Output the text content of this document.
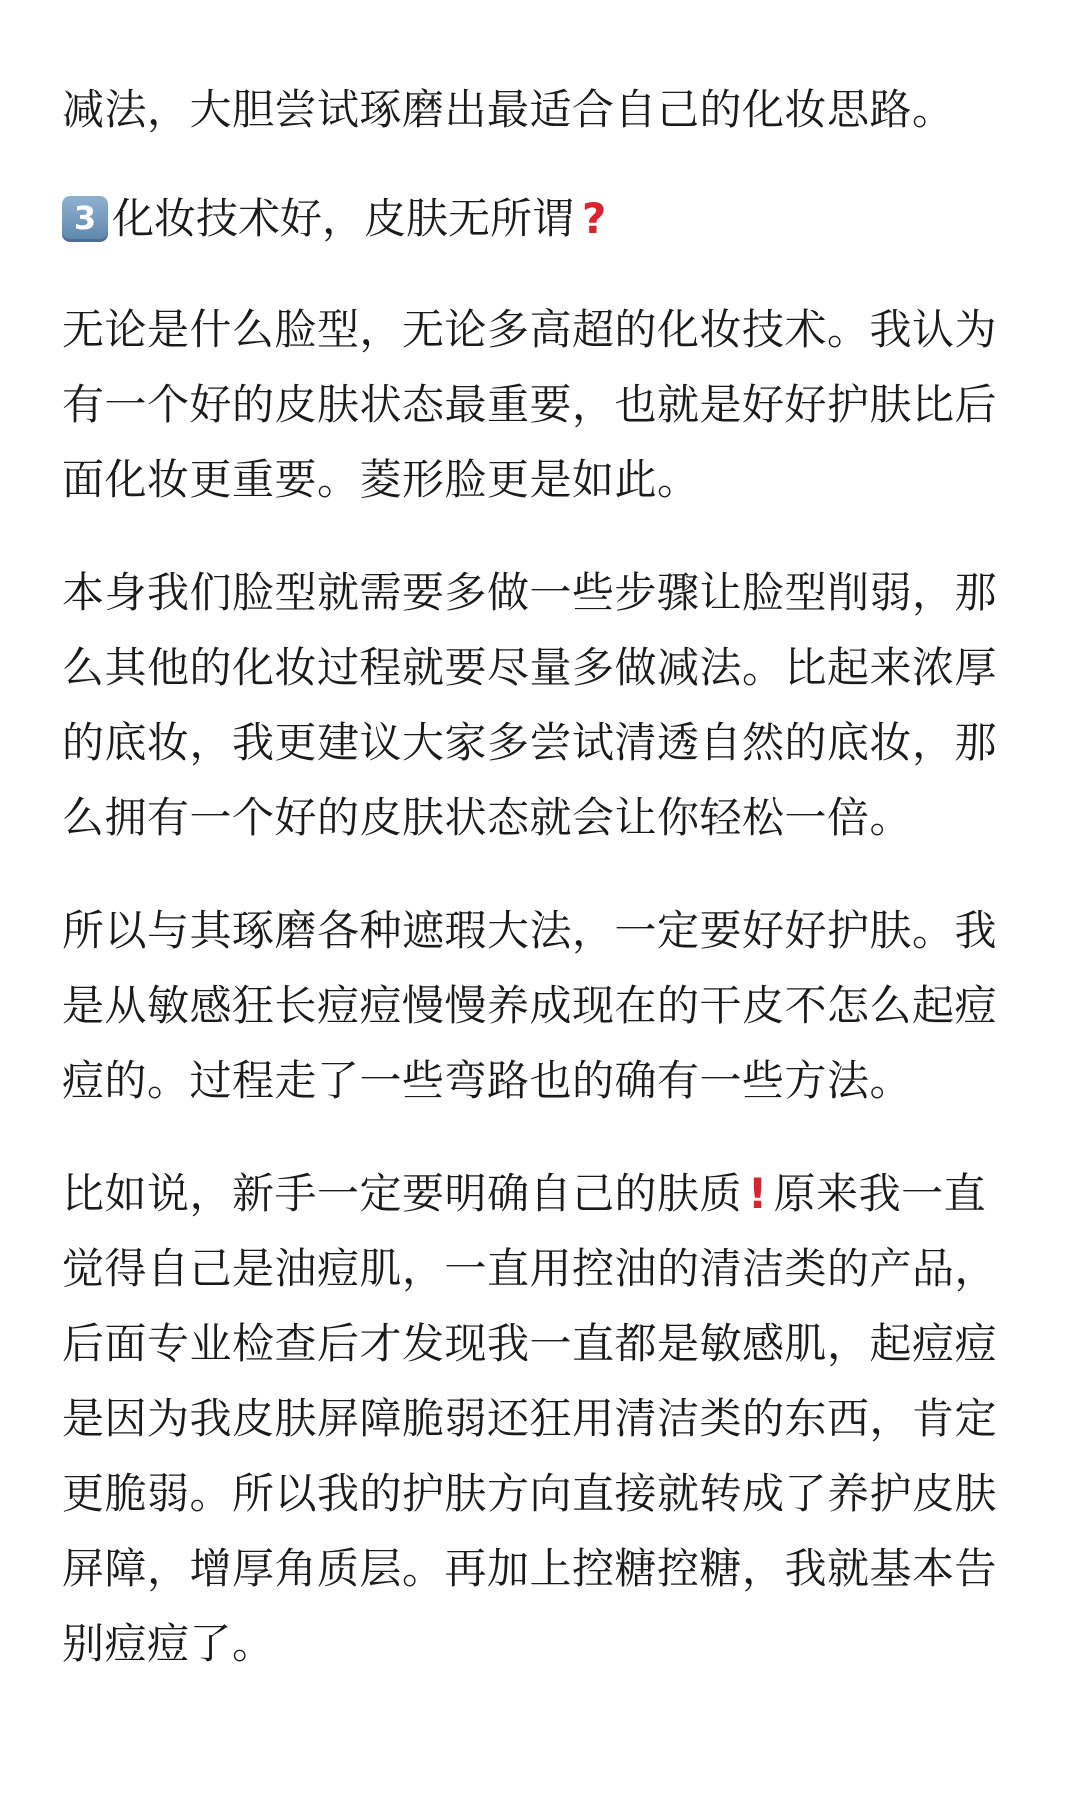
减法，大胆尝试琢磨出最适合自己的化妆思路。

3 化妆技术好，皮肤无所谓 ?

无论是什么脸型，无论多高超的化妆技术。我认为有一个好的皮肤状态最重要，也就是好好护肤比后面化妆更重要。菱形脸更是如此。

本身我们脸型就需要多做一些步骤让脸型削弱，那么其他的化妆过程就要尽量多做减法。比起来浓厚的底妆，我更建议大家多尝试清透自然的底妆，那么拥有一个好的皮肤状态就会让你轻松一倍。

所以与其琢磨各种遮瑕大法，一定要好好护肤。我是从敏感狂长痘痘慢慢养成现在的干皮不怎么起痘痘的。过程走了一些弯路也的确有一些方法。

比如说，新手一定要明确自己的肤质 ! 原来我一直觉得自己是油痘肌，一直用控油的清洁类的产品，后面专业检查后才发现我一直都是敏感肌，起痘痘是因为我皮肤屏障脆弱还狂用清洁类的东西，肯定更脆弱。所以我的护肤方向直接就转成了养护皮肤屏障，增厚角质层。再加上控糖控糖，我就基本告别痘痘了。
